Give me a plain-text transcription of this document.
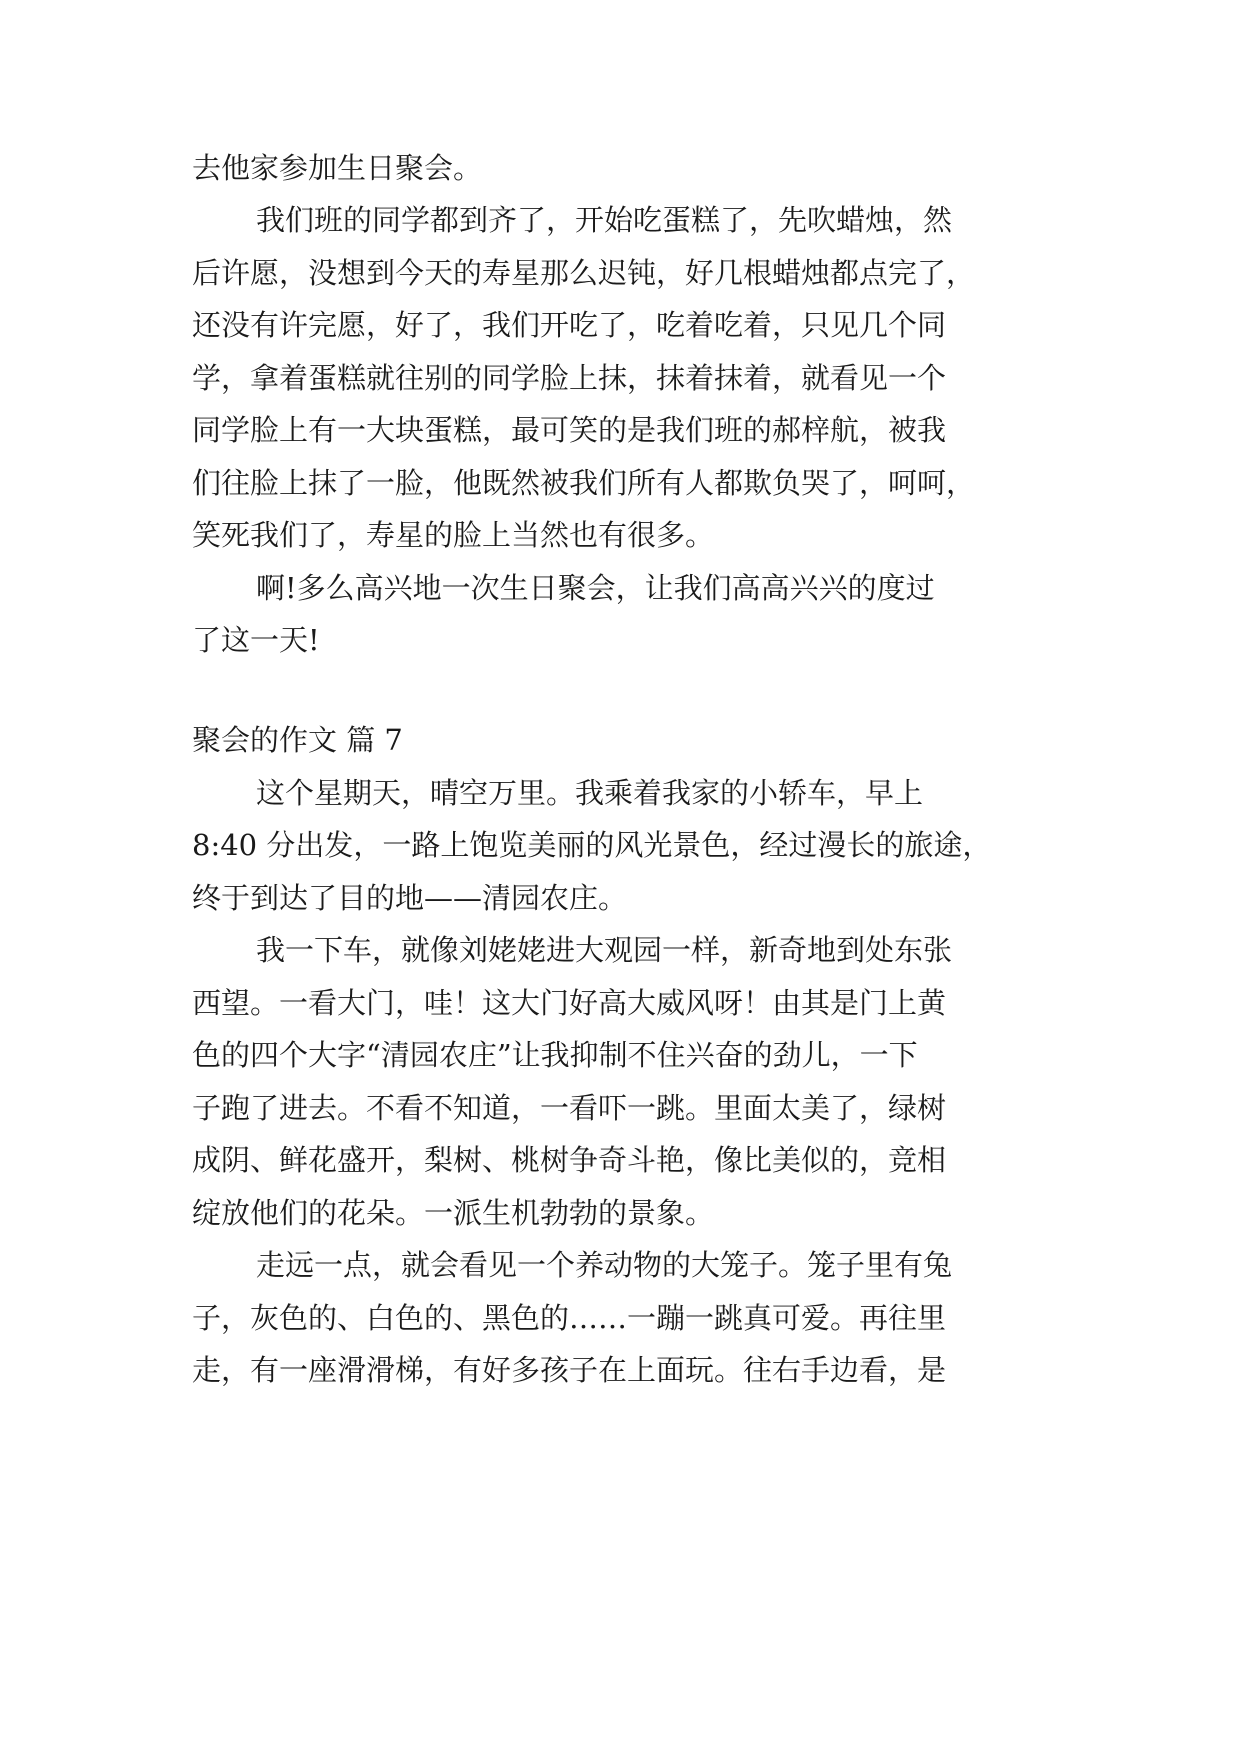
去他家参加生日聚会。
我们班的同学都到齐了，开始吃蛋糕了，先吹蜡烛，然
后许愿，没想到今天的寿星那么迟钝，好几根蜡烛都点完了，
还没有许完愿，好了，我们开吃了，吃着吃着，只见几个同
学，拿着蛋糕就往别的同学脸上抹，抹着抹着，就看见一个
同学脸上有一大块蛋糕，最可笑的是我们班的郝梓航，被我
们往脸上抹了一脸，他既然被我们所有人都欺负哭了，呵呵，
笑死我们了，寿星的脸上当然也有很多。
啊!多么高兴地一次生日聚会，让我们高高兴兴的度过
了这一天!
聚会的作文 篇 7
这个星期天，晴空万里。我乘着我家的小轿车，早上
8:40 分出发，一路上饱览美丽的风光景色，经过漫长的旅途，
终于到达了目的地——清园农庄。
我一下车，就像刘姥姥进大观园一样，新奇地到处东张
西望。一看大门，哇！这大门好高大威风呀！由其是门上黄
色的四个大字“清园农庄”让我抑制不住兴奋的劲儿，一下
子跑了进去。不看不知道，一看吓一跳。里面太美了，绿树
成阴、鲜花盛开，梨树、桃树争奇斗艳，像比美似的，竞相
绽放他们的花朵。一派生机勃勃的景象。
走远一点，就会看见一个养动物的大笼子。笼子里有兔
子，灰色的、白色的、黑色的……一蹦一跳真可爱。再往里
走，有一座滑滑梯，有好多孩子在上面玩。往右手边看，是
